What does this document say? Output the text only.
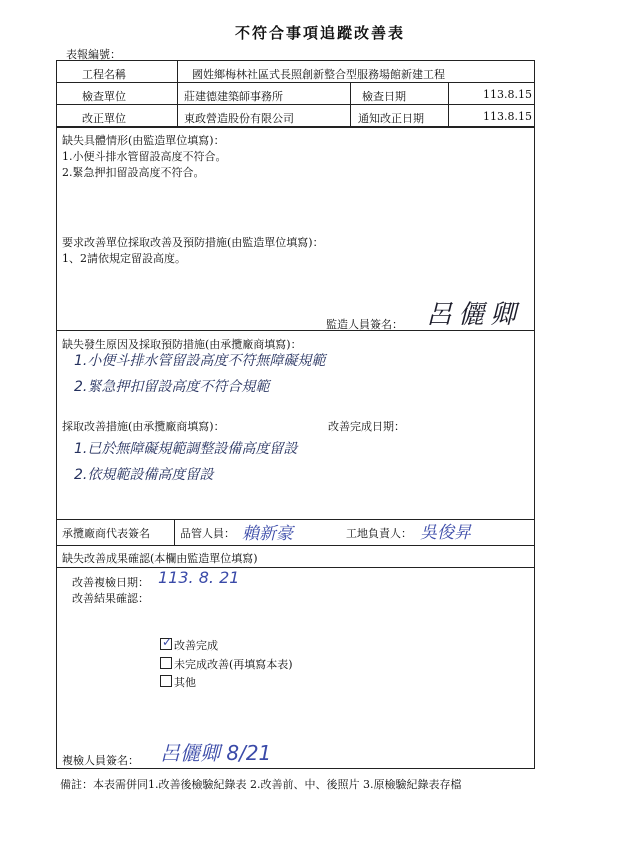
不符合事項追蹤改善表
表報編號：
工程名稱	國姓鄉梅林社區式長照創新整合型服務場館新建工程
檢查單位	莊建德建築師事務所	檢查日期	113.8.15
改正單位	東政營造股份有限公司	通知改正日期	113.8.15
缺失具體情形(由監造單位填寫)：
1.小便斗排水管留設高度不符合。
2.緊急押扣留設高度不符合。
要求改善單位採取改善及預防措施(由監造單位填寫)：
1、2請依規定留設高度。
監造人員簽名： 呂儷卿
缺失發生原因及採取預防措施(由承攬廠商填寫)：
1.小便斗排水管留設高度不符無障礙規範
2.緊急押扣留設高度不符合規範
採取改善措施(由承攬廠商填寫)：	改善完成日期：
1.已於無障礙規範調整設備高度留設
2.依規範設備高度留設
承攬廠商代表簽名	品管人員： 賴新豪	工地負責人： 吳俊昇
缺失改善成果確認(本欄由監造單位填寫)
改善複檢日期： 113. 8. 21
改善結果確認：
✓ 改善完成
未完成改善(再填寫本表)
其他
複檢人員簽名： 呂儷卿 8/21
備註：本表需併同1.改善後檢驗紀錄表 2.改善前、中、後照片 3.原檢驗紀錄表存檔
